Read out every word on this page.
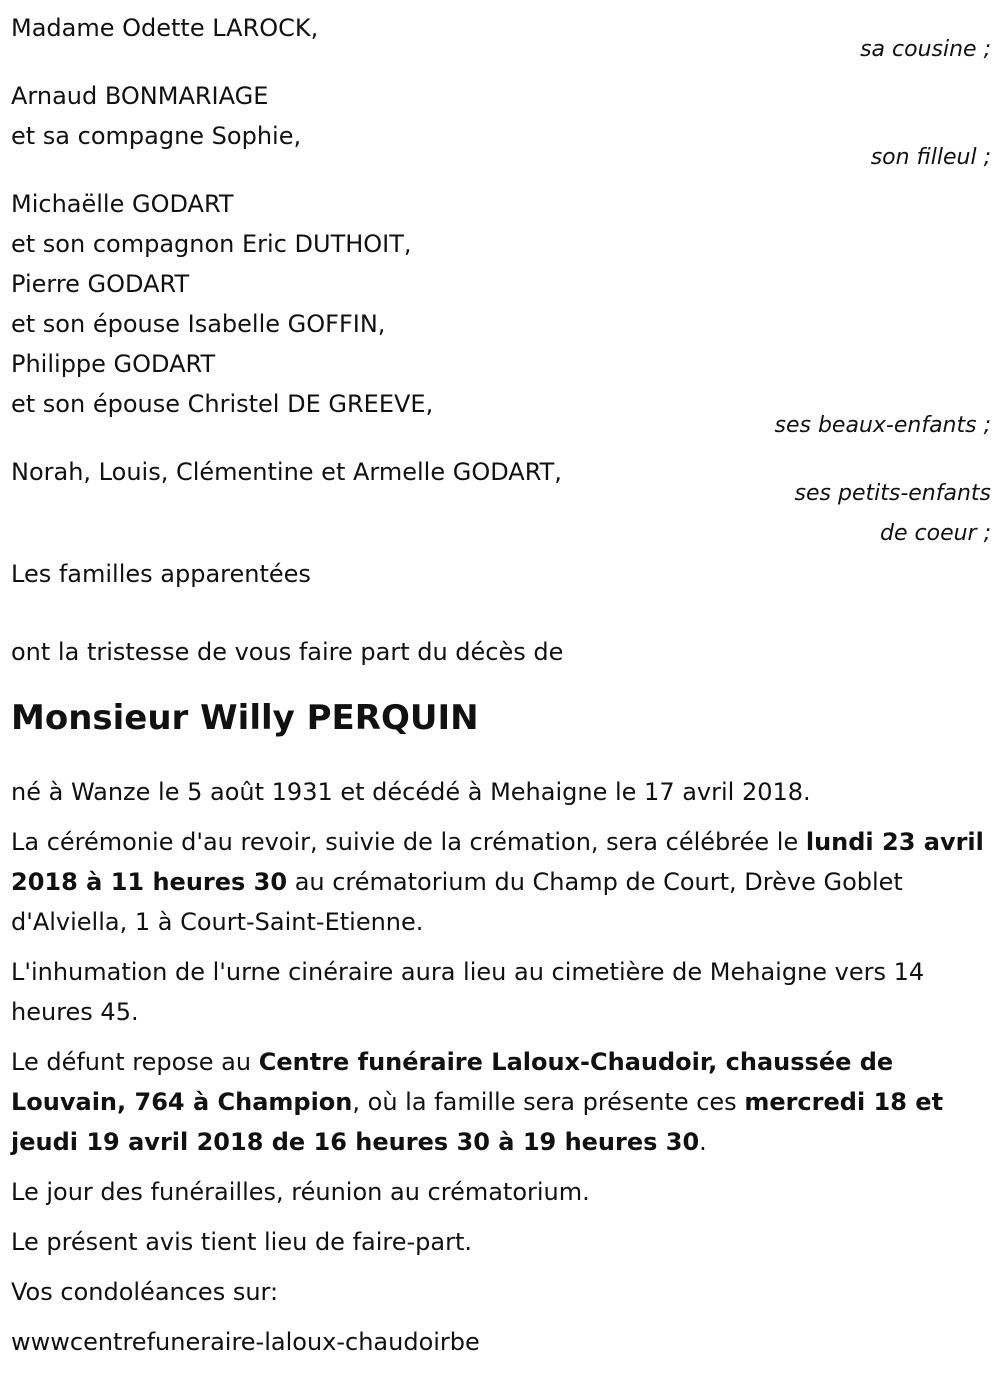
Madame Odette LAROCK,
sa cousine ;
Arnaud BONMARIAGE
et sa compagne Sophie,
son filleul ;
Michaëlle GODART
et son compagnon Eric DUTHOIT,
Pierre GODART
et son épouse Isabelle GOFFIN,
Philippe GODART
et son épouse Christel DE GREEVE,
ses beaux-enfants ;
Norah, Louis, Clémentine et Armelle GODART,
ses petits-enfants
de coeur ;
Les familles apparentées
ont la tristesse de vous faire part du décès de
Monsieur Willy PERQUIN
né à Wanze le 5 août 1931 et décédé à Mehaigne le 17 avril 2018.
La cérémonie d'au revoir, suivie de la crémation, sera célébrée le lundi 23 avril 2018 à 11 heures 30 au crématorium du Champ de Court, Drève Goblet d'Alviella, 1 à Court-Saint-Etienne.
L'inhumation de l'urne cinéraire aura lieu au cimetière de Mehaigne vers 14 heures 45.
Le défunt repose au Centre funéraire Laloux-Chaudoir, chaussée de Louvain, 764 à Champion, où la famille sera présente ces mercredi 18 et jeudi 19 avril 2018 de 16 heures 30 à 19 heures 30.
Le jour des funérailles, réunion au crématorium.
Le présent avis tient lieu de faire-part.
Vos condoléances sur:
wwwcentrefuneraire-laloux-chaudoirbe
